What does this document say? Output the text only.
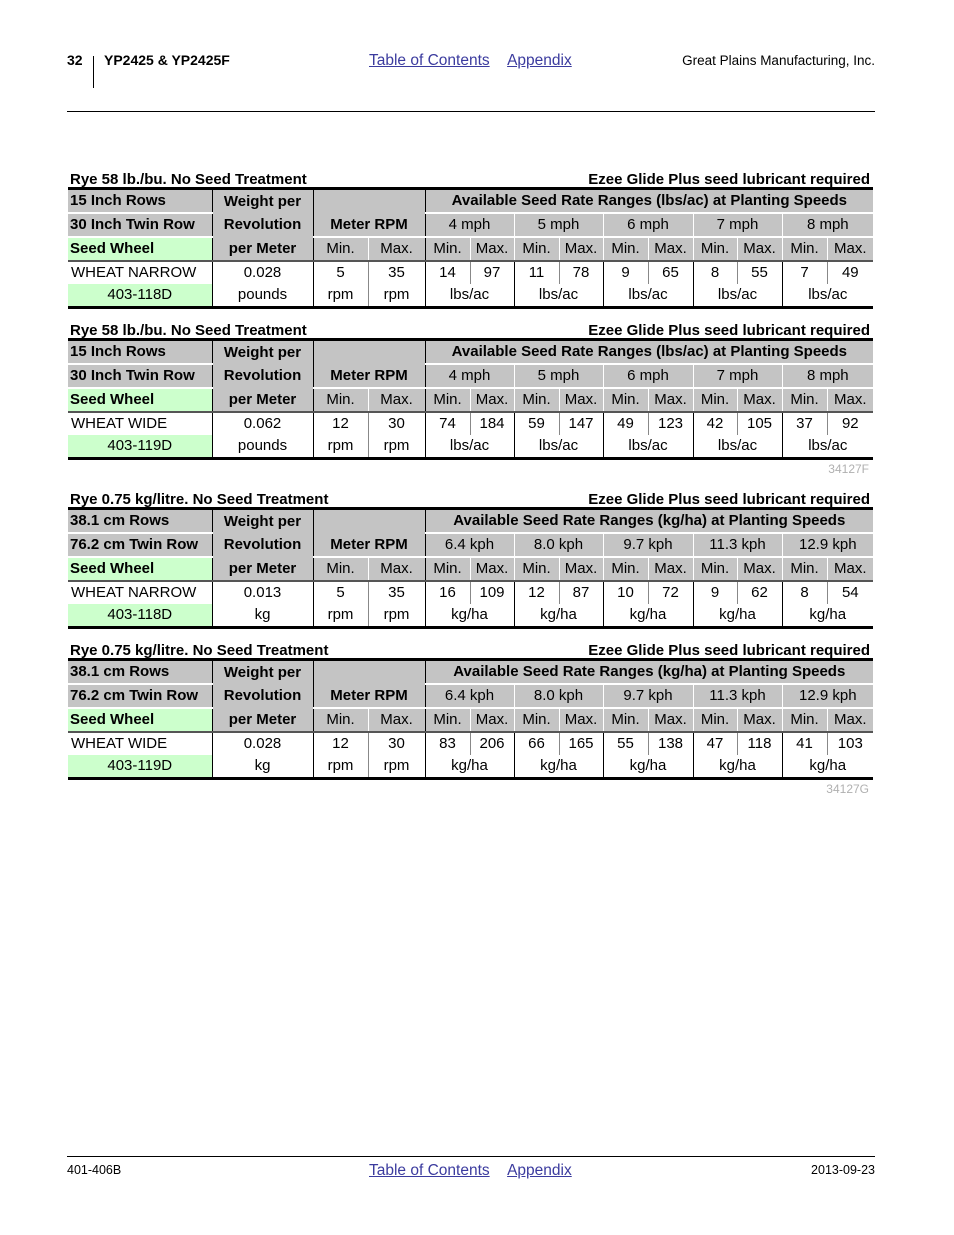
32 YP2425 & YP2425F	Table of Contents Appendix	Great Plains Manufacturing, Inc.
Rye 58 lb./bu. No Seed Treatment	Ezee Glide Plus seed lubricant required
15 Inch Rows	Weight per			Available Seed Rate Ranges (lbs/ac) at Planting Speeds									
30 Inch Twin Row	Revolution	Meter RPM		4 mph		5 mph		6 mph		7 mph		8 mph	
Seed Wheel	per Meter	Min.	Max.	Min.	Max.	Min.	Max.	Min.	Max.	Min.	Max.	Min.	Max.
WHEAT NARROW	0.028	5	35	14	97	11	78	9	65	8	55	7	49
403-118D	pounds	rpm	rpm	lbs/ac		lbs/ac		lbs/ac		lbs/ac		lbs/ac	
Rye 58 lb./bu. No Seed Treatment	Ezee Glide Plus seed lubricant required
15 Inch Rows	Weight per			Available Seed Rate Ranges (lbs/ac) at Planting Speeds									
30 Inch Twin Row	Revolution	Meter RPM		4 mph		5 mph		6 mph		7 mph		8 mph	
Seed Wheel	per Meter	Min.	Max.	Min.	Max.	Min.	Max.	Min.	Max.	Min.	Max.	Min.	Max.
WHEAT WIDE	0.062	12	30	74	184	59	147	49	123	42	105	37	92
403-119D	pounds	rpm	rpm	lbs/ac		lbs/ac		lbs/ac		lbs/ac		lbs/ac	
34127F
Rye 0.75 kg/litre. No Seed Treatment	Ezee Glide Plus seed lubricant required
38.1 cm Rows	Weight per			Available Seed Rate Ranges (kg/ha) at Planting Speeds									
76.2 cm Twin Row	Revolution	Meter RPM		6.4 kph		8.0 kph		9.7 kph		11.3 kph		12.9 kph	
Seed Wheel	per Meter	Min.	Max.	Min.	Max.	Min.	Max.	Min.	Max.	Min.	Max.	Min.	Max.
WHEAT NARROW	0.013	5	35	16	109	12	87	10	72	9	62	8	54
403-118D	kg	rpm	rpm	kg/ha		kg/ha		kg/ha		kg/ha		kg/ha	
Rye 0.75 kg/litre. No Seed Treatment	Ezee Glide Plus seed lubricant required
38.1 cm Rows	Weight per			Available Seed Rate Ranges (kg/ha) at Planting Speeds									
76.2 cm Twin Row	Revolution	Meter RPM		6.4 kph		8.0 kph		9.7 kph		11.3 kph		12.9 kph	
Seed Wheel	per Meter	Min.	Max.	Min.	Max.	Min.	Max.	Min.	Max.	Min.	Max.	Min.	Max.
WHEAT WIDE	0.028	12	30	83	206	66	165	55	138	47	118	41	103
403-119D	kg	rpm	rpm	kg/ha		kg/ha		kg/ha		kg/ha		kg/ha	
34127G
401-406B	Table of Contents Appendix	2013-09-23
